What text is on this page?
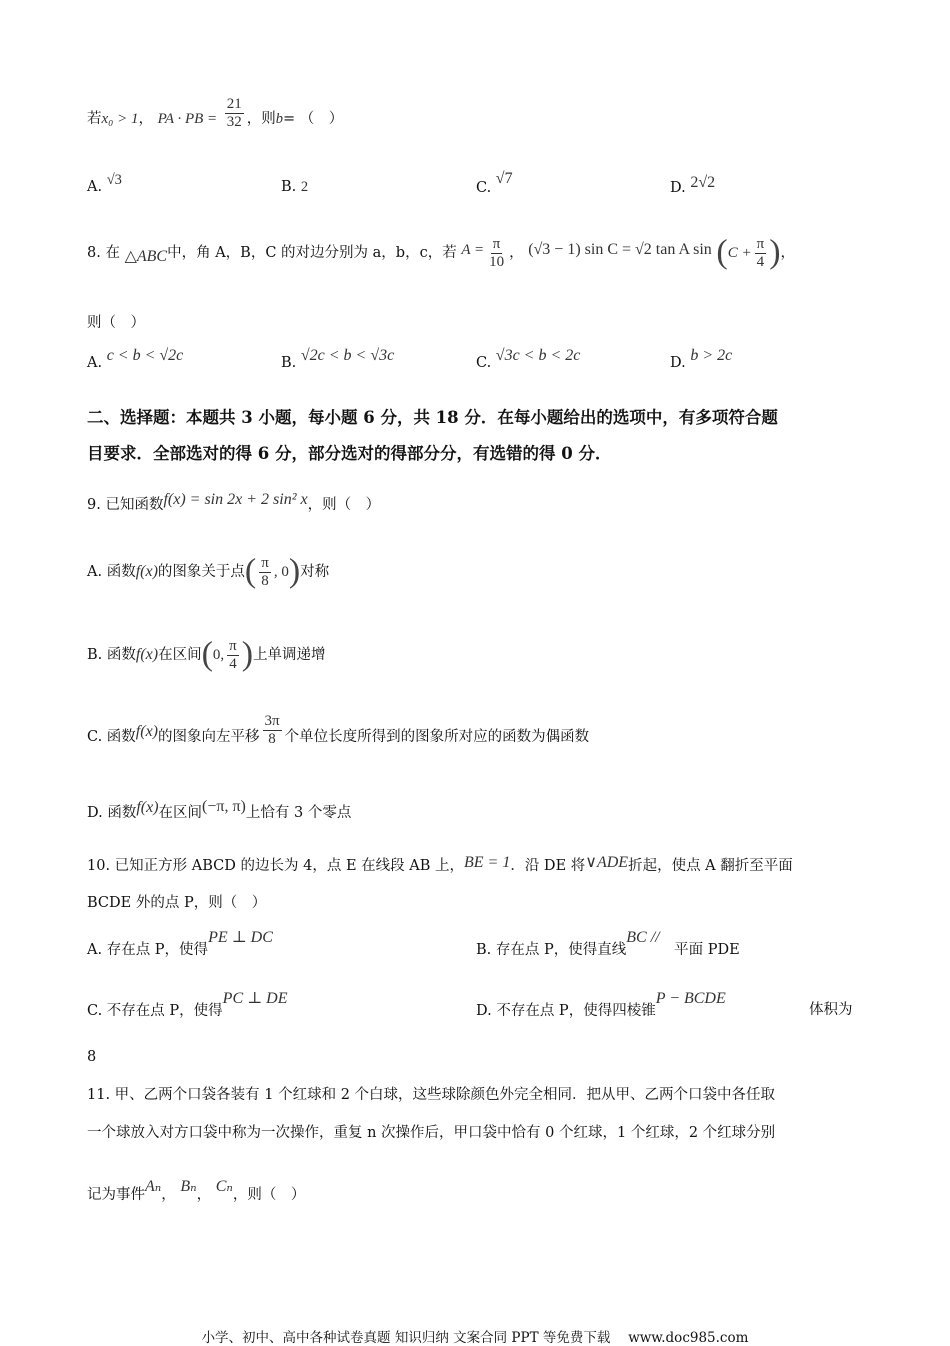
若x₀ > 1， PA · PB = $\frac{21}{32}$ ，则b= （　）
A. √3	B. 2	C. √7
D. 2√2
8. 在 △ABC中，角 A，B，C 的对边分别为 a，b，c，若 $A = \frac{\pi}{10}$ ， (√3 − 1) sin C = √2 tan A $\sin (C + \frac{\pi}{4}$ )，
则（　）
A. c < b < √2c	B. √2c < b < √3c	C. √3c < b < 2c	D. b > 2c
二、选择题：本题共 3 小题，每小题 6 分，共 18 分．在每小题给出的选项中，有多项符合题
目要求．全部选对的得 6 分，部分选对的得部分分，有选错的得 0 分．
9. 已知函数f(x) = sin 2x + 2 sin² x，则（　）
A. 函数f(x)的图象关于点( $\frac{\pi}{8}$ , 0)对称
B. 函数f(x)在区间(0, $\frac{\pi}{4}$ )上单调递增
C. 函数f(x)的图象向左平移 $\frac{3\pi}{8}$ 个单位长度所得到的图象所对应的函数为偶函数
D. 函数f(x)在区间(−π, π)上恰有 3 个零点
10. 已知正方形 ABCD 的边长为 4，点 E 在线段 AB 上，BE = 1．沿 DE 将∨ADE折起，使点 A 翻折至平面
BCDE 外的点 P，则（　）
A. 存在点 P，使得PE ⊥ DC
B. 存在点 P，使得直线BC //　平面 PDE
C. 不存在点 P，使得PC ⊥ DE
D. 不存在点 P，使得四棱锥P − BCDE
体积为
8
11. 甲、乙两个口袋各装有 1 个红球和 2 个白球，这些球除颜色外完全相同．把从甲、乙两个口袋中各任取
一个球放入对方口袋中称为一次操作，重复 n 次操作后，甲口袋中恰有 0 个红球，1 个红球，2 个红球分别
记为事件Aₙ， Bₙ， Cₙ，则（　）
小学、初中、高中各种试卷真题 知识归纳 文案合同 PPT 等免费下载　 www.doc985.com
